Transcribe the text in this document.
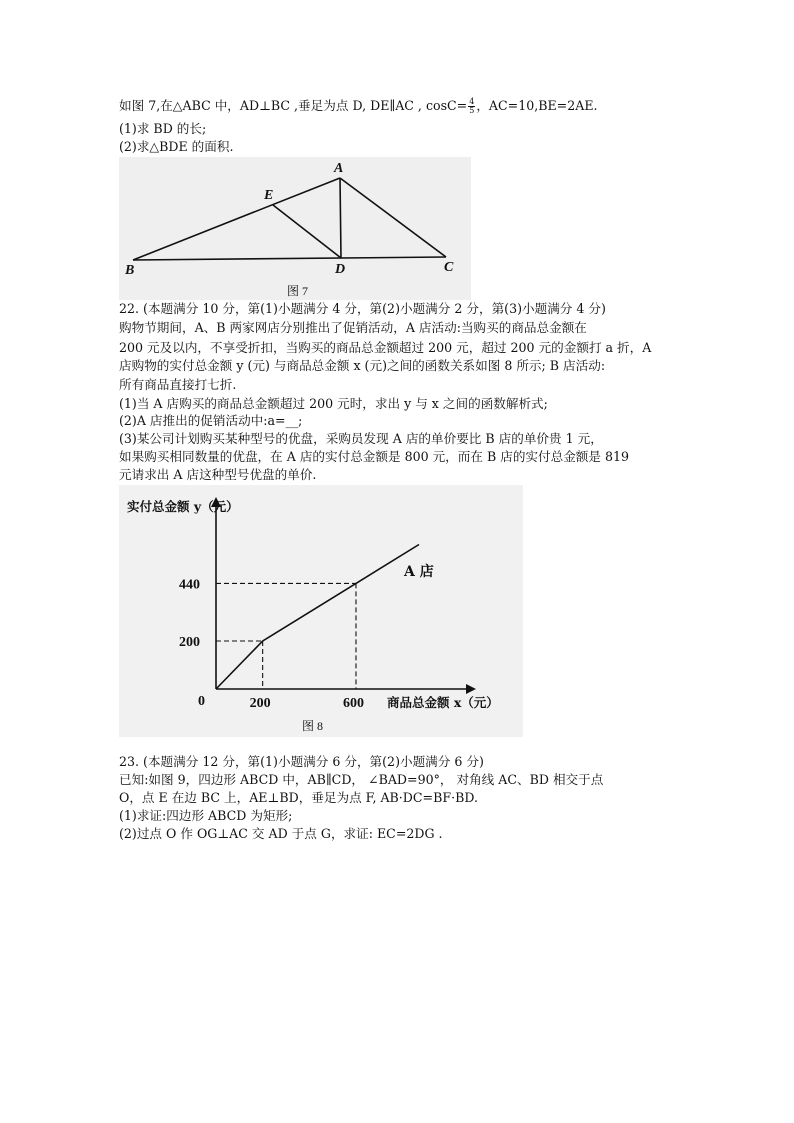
如图 7,在△ABC 中，AD⊥BC ,垂足为点 D, DE∥AC , $\cos C= \frac{4}{5}$ ，AC=10,BE=2AE.
(1)求 BD 的长;
(2)求△BDE 的面积.
A
B	C
D
E
图 7
22. (本题满分 10 分，第(1)小题满分 4 分，第(2)小题满分 2 分，第(3)小题满分 4 分)
购物节期间，A、B 两家网店分别推出了促销活动，A 店活动:当购买的商品总金额在
200 元及以内，不享受折扣，当购买的商品总金额超过 200 元，超过 200 元的金额打 a 折，A
店购物的实付总金额 y (元) 与商品总金额 x (元)之间的函数关系如图 8 所示; B 店活动:
所有商品直接打七折.
(1)当 A 店购买的商品总金额超过 200 元时，求出 y 与 x 之间的函数解析式;
(2)A 店推出的促销活动中:a=__;
(3)某公司计划购买某种型号的优盘，采购员发现 A 店的单价要比 B 店的单价贵 1 元，
如果购买相同数量的优盘，在 A 店的实付总金额是 800 元，而在 B 店的实付总金额是 819
元请求出 A 店这种型号优盘的单价.
实付总金额 y（元）
商品总金额 x（元）
0	200	600
200
440
A 店
图 8
23. (本题满分 12 分，第(1)小题满分 6 分，第(2)小题满分 6 分)
已知:如图 9，四边形 ABCD 中，AB∥CD， ∠BAD=90°， 对角线 AC、BD 相交于点
O，点 E 在边 BC 上，AE⊥BD，垂足为点 F, AB·DC=BF·BD.
(1)求证:四边形 ABCD 为矩形;
(2)过点 O 作 OG⊥AC 交 AD 于点 G，求证: EC=2DG .
